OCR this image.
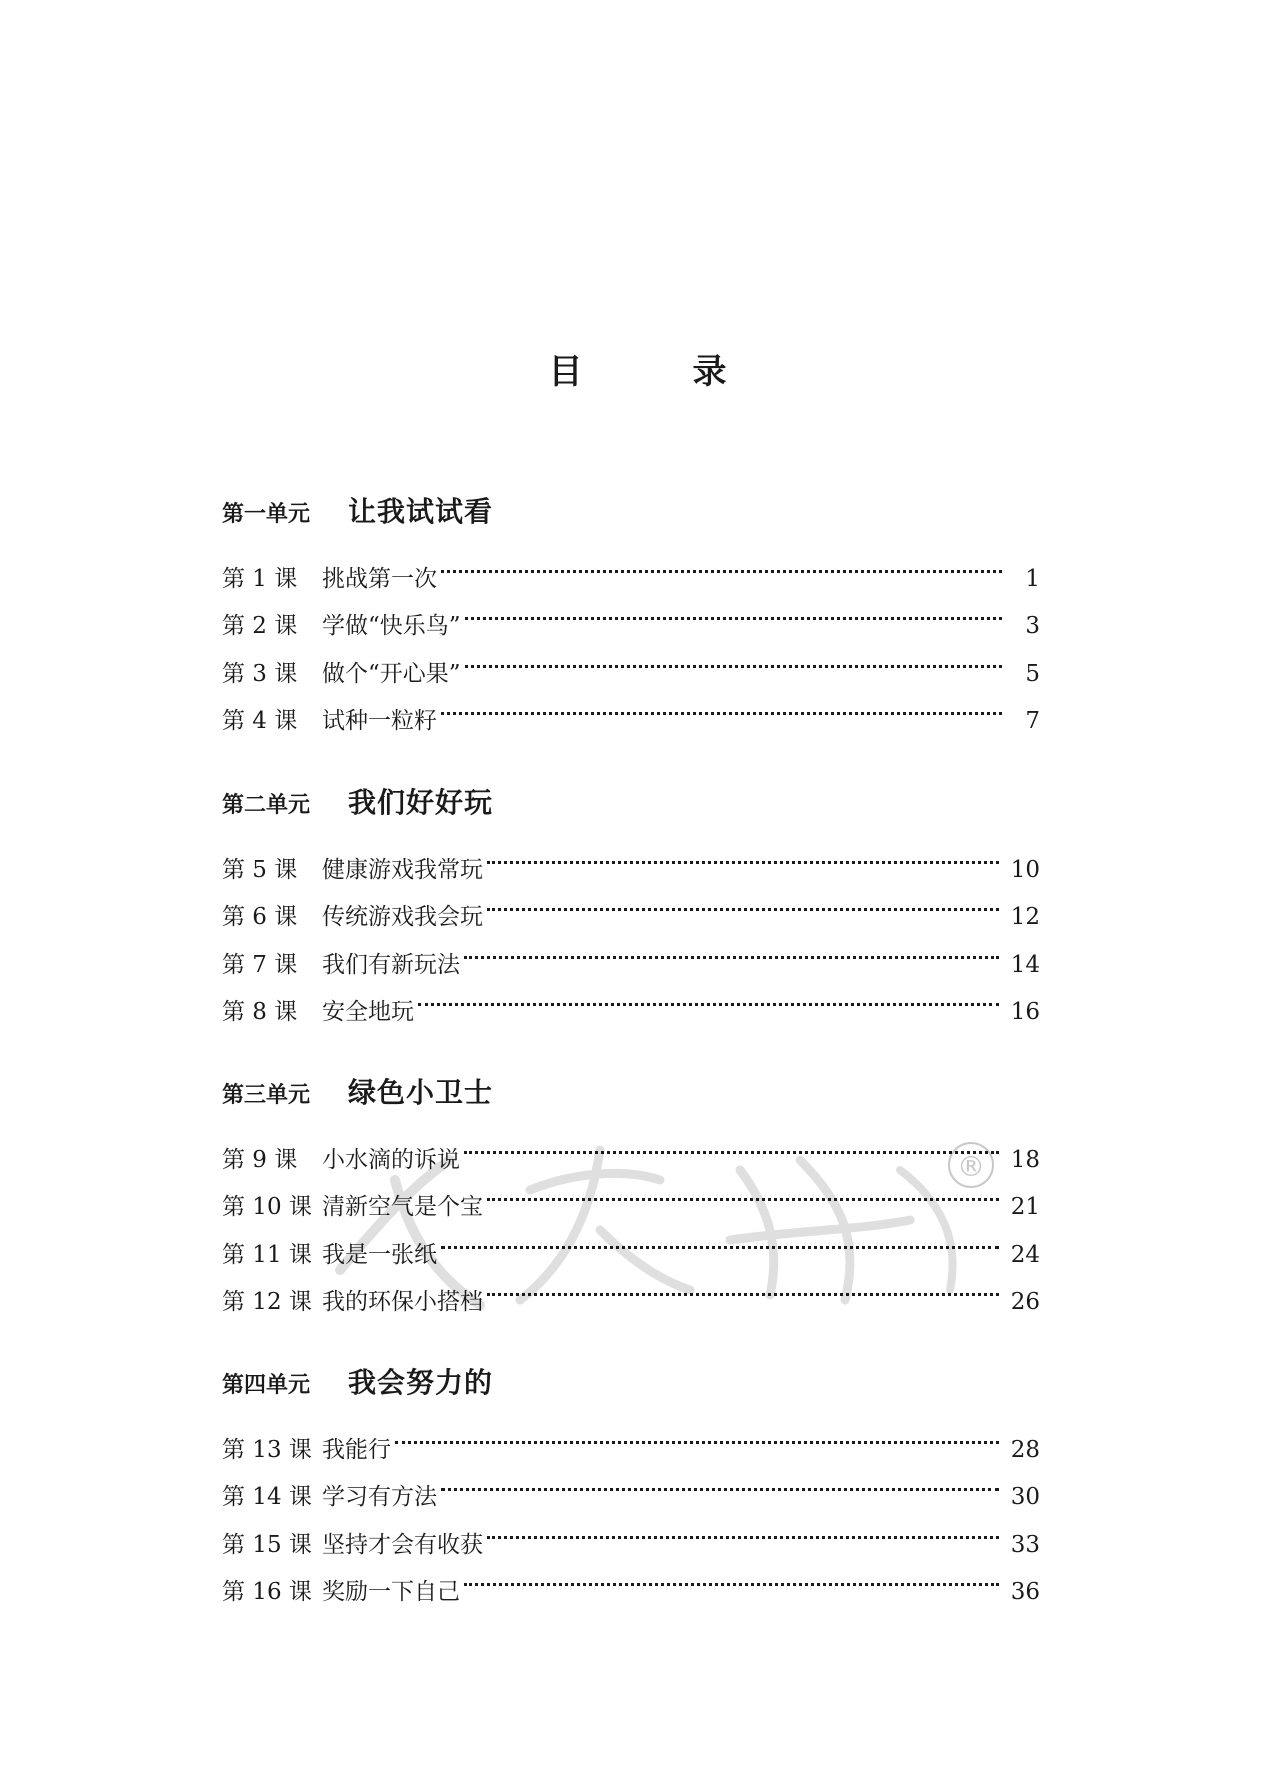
目　录
®
第一单元 让我试试看
第 1 课	挑战第一次	1
第 2 课	学做“快乐鸟”	3
第 3 课	做个“开心果”	5
第 4 课	试种一粒籽	7
第二单元 我们好好玩
第 5 课	健康游戏我常玩	10
第 6 课	传统游戏我会玩	12
第 7 课	我们有新玩法	14
第 8 课	安全地玩	16
第三单元 绿色小卫士
第 9 课	小水滴的诉说	18
第 10 课 清新空气是个宝	21
第 11 课 我是一张纸	24
第 12 课 我的环保小搭档	26
第四单元 我会努力的
第 13 课 我能行	28
第 14 课 学习有方法	30
第 15 课 坚持才会有收获	33
第 16 课 奖励一下自己	36
